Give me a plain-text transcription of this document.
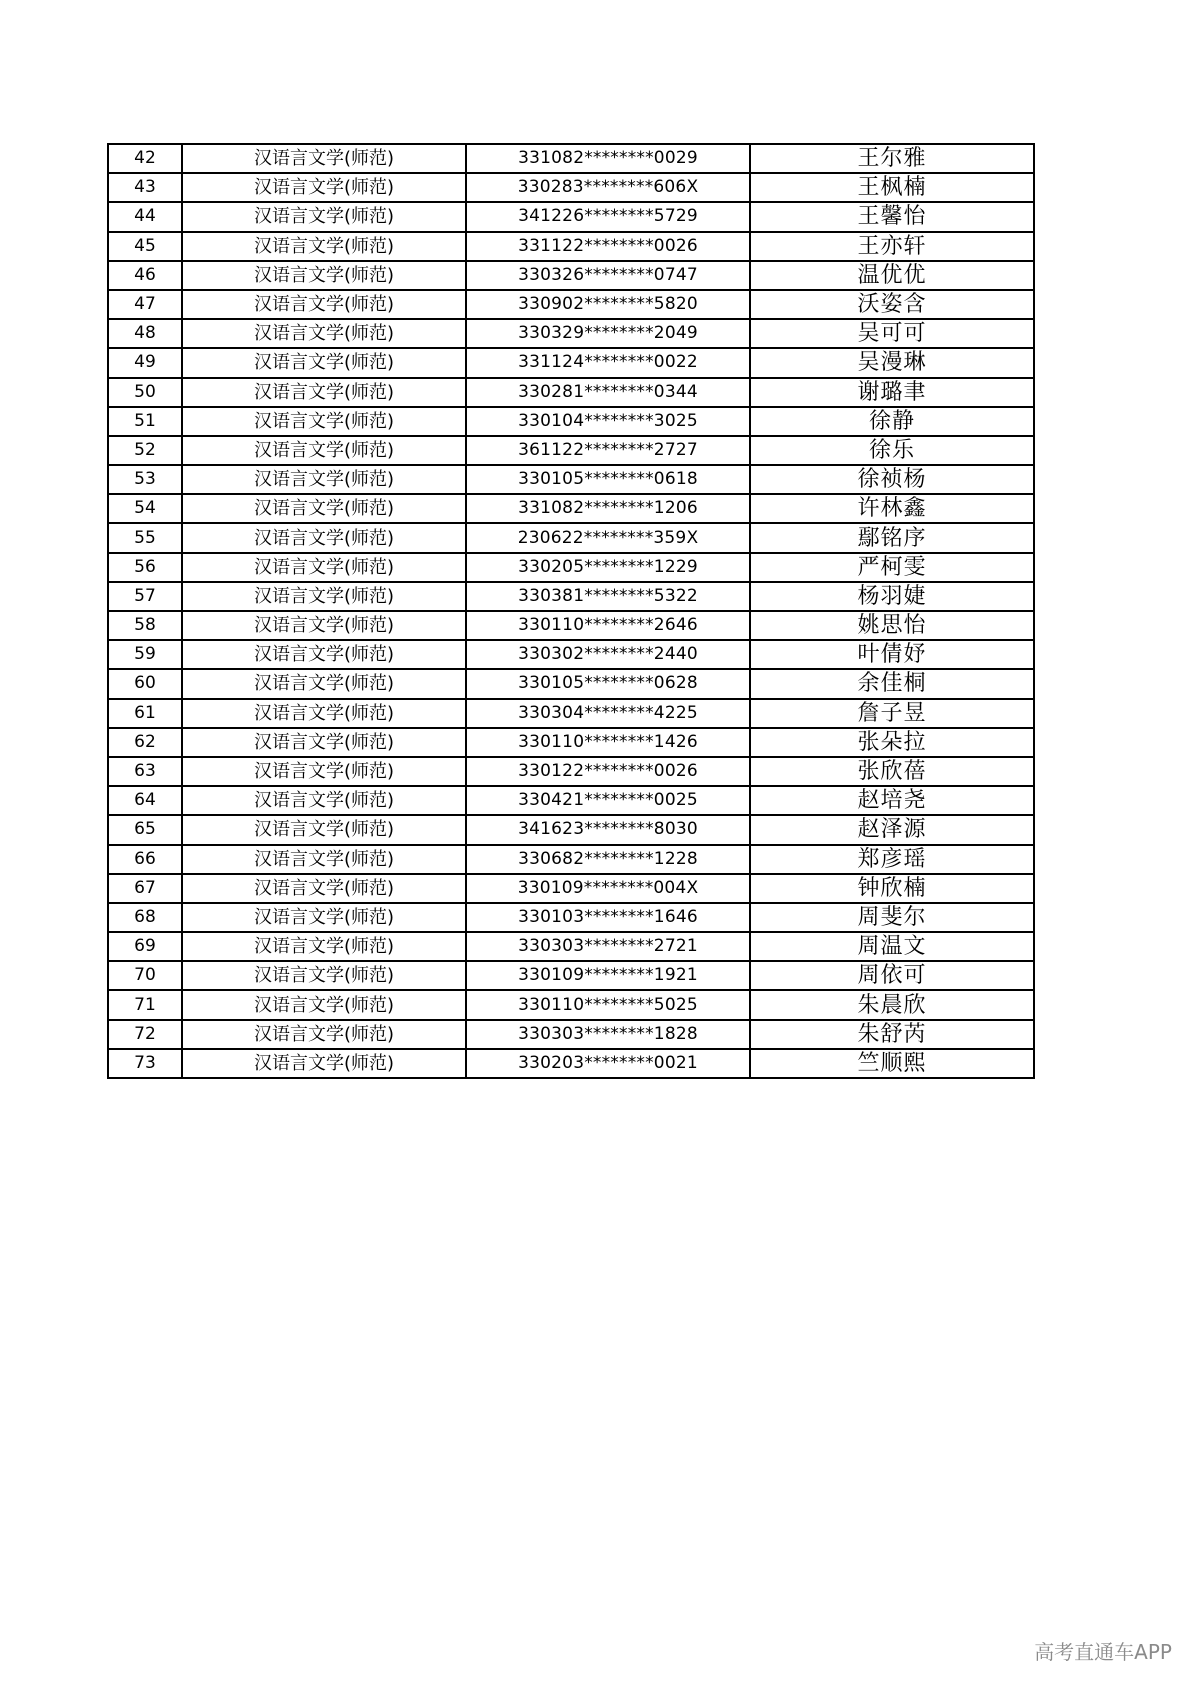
42	汉语言文学(师范)	331082********0029	王尔雅
43	汉语言文学(师范)	330283********606X	王枫楠
44	汉语言文学(师范)	341226********5729	王馨怡
45	汉语言文学(师范)	331122********0026	王亦轩
46	汉语言文学(师范)	330326********0747	温优优
47	汉语言文学(师范)	330902********5820	沃姿含
48	汉语言文学(师范)	330329********2049	吴可可
49	汉语言文学(师范)	331124********0022	吴漫琳
50	汉语言文学(师范)	330281********0344	谢璐聿
51	汉语言文学(师范)	330104********3025	徐静
52	汉语言文学(师范)	361122********2727	徐乐
53	汉语言文学(师范)	330105********0618	徐祯杨
54	汉语言文学(师范)	331082********1206	许林鑫
55	汉语言文学(师范)	230622********359X	鄢铭序
56	汉语言文学(师范)	330205********1229	严柯雯
57	汉语言文学(师范)	330381********5322	杨羽婕
58	汉语言文学(师范)	330110********2646	姚思怡
59	汉语言文学(师范)	330302********2440	叶倩妤
60	汉语言文学(师范)	330105********0628	余佳桐
61	汉语言文学(师范)	330304********4225	詹子昱
62	汉语言文学(师范)	330110********1426	张朵拉
63	汉语言文学(师范)	330122********0026	张欣蓓
64	汉语言文学(师范)	330421********0025	赵培尧
65	汉语言文学(师范)	341623********8030	赵泽源
66	汉语言文学(师范)	330682********1228	郑彦瑶
67	汉语言文学(师范)	330109********004X	钟欣楠
68	汉语言文学(师范)	330103********1646	周斐尔
69	汉语言文学(师范)	330303********2721	周温文
70	汉语言文学(师范)	330109********1921	周依可
71	汉语言文学(师范)	330110********5025	朱晨欣
72	汉语言文学(师范)	330303********1828	朱舒芮
73	汉语言文学(师范)	330203********0021	竺顺熙
高考直通车APP
